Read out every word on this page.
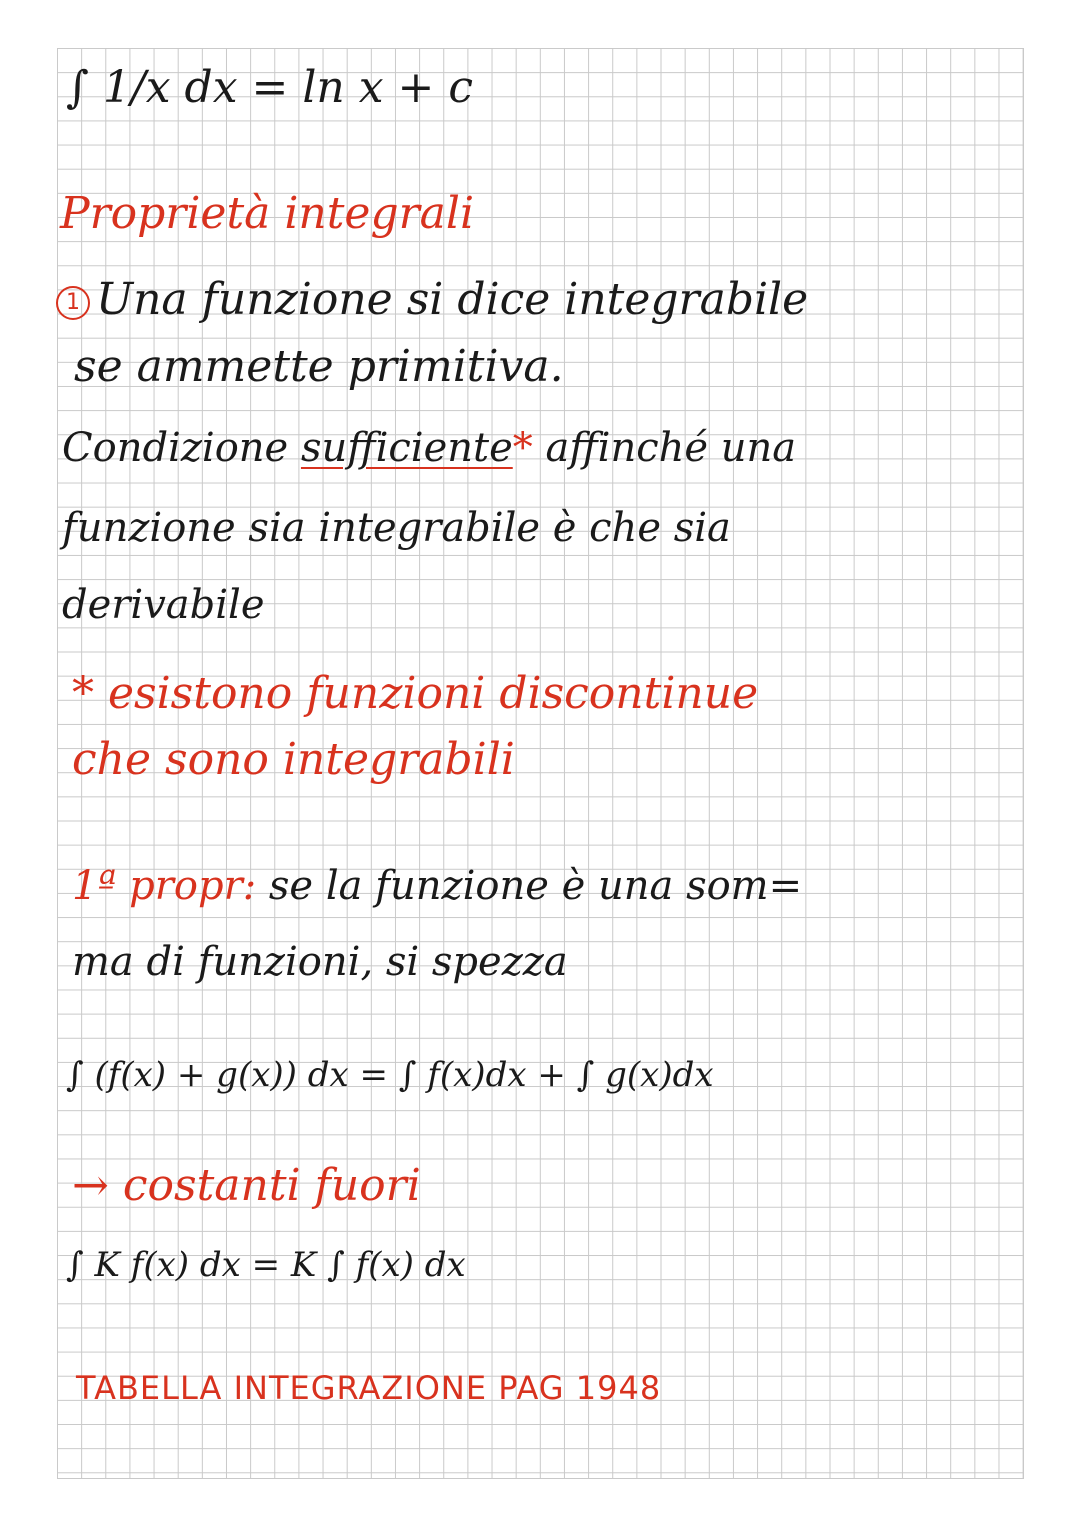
∫ 1/x dx = ln x + c

Proprietà integrali

1 Una funzione si dice integrabile

se ammette primitiva.

Condizione sufficiente* affinché una

funzione sia integrabile è che sia

derivabile

* esistono funzioni discontinue

che sono integrabili

1ª propr: se la funzione è una som=

ma di funzioni, si spezza

∫ (f(x) + g(x)) dx = ∫ f(x)dx + ∫ g(x)dx

→ costanti fuori

∫ K f(x) dx = K ∫ f(x) dx

TABELLA INTEGRAZIONE PAG 1948
